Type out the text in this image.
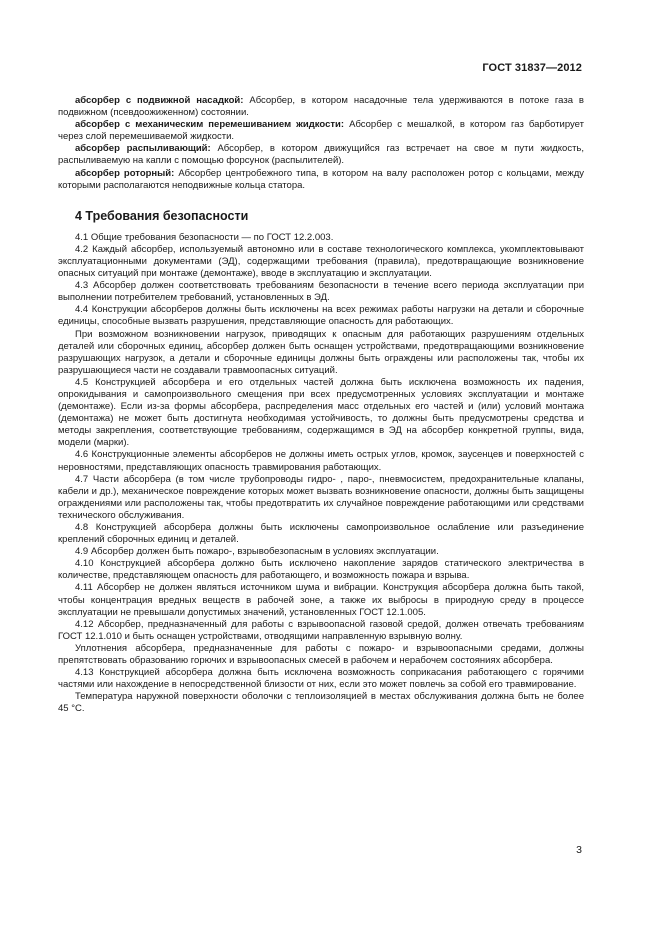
ГОСТ 31837—2012

абсорбер с подвижной насадкой: Абсорбер, в котором насадочные тела удерживаются в потоке газа в подвижном (псевдоожиженном) состоянии.

абсорбер с механическим перемешиванием жидкости: Абсорбер с мешалкой, в котором газ барботирует через слой перемешиваемой жидкости.

абсорбер распыливающий: Абсорбер, в котором движущийся газ встречает на свое м пути жидкость, распыливаемую на капли с помощью форсунок (распылителей).

абсорбер роторный: Абсорбер центробежного типа, в котором на валу расположен ротор с кольцами, между которыми располагаются неподвижные кольца статора.

4 Требования безопасности

4.1 Общие требования безопасности — по ГОСТ 12.2.003.

4.2 Каждый абсорбер, используемый автономно или в составе технологического комплекса, укомплектовывают эксплуатационными документами (ЭД), содержащими требования (правила), предотвращающие возникновение опасных ситуаций при монтаже (демонтаже), вводе в эксплуатацию и эксплуатации.

4.3 Абсорбер должен соответствовать требованиям безопасности в течение всего периода эксплуатации при выполнении потребителем требований, установленных в ЭД.

4.4 Конструкции абсорберов должны быть исключены на всех режимах работы нагрузки на детали и сборочные единицы, способные вызвать разрушения, представляющие опасность для работающих.

При возможном возникновении нагрузок, приводящих к опасным для работающих разрушениям отдельных деталей или сборочных единиц, абсорбер должен быть оснащен устройствами, предотвращающими возникновение разрушающих нагрузок, а детали и сборочные единицы должны быть ограждены или расположены так, чтобы их разрушающиеся части не создавали травмоопасных ситуаций.

4.5 Конструкцией абсорбера и его отдельных частей должна быть исключена возможность их падения, опрокидывания и самопроизвольного смещения при всех предусмотренных условиях эксплуатации и монтаже (демонтаже). Если из-за формы абсорбера, распределения масс отдельных его частей и (или) условий монтажа (демонтажа) не может быть достигнута необходимая устойчивость, то должны быть предусмотрены средства и методы закрепления, соответствующие требованиям, содержащимся в ЭД на абсорбер конкретной группы, вида, модели (марки).

4.6 Конструкционные элементы абсорберов не должны иметь острых углов, кромок, заусенцев и поверхностей с неровностями, представляющих опасность травмирования работающих.

4.7 Части абсорбера (в том числе трубопроводы гидро- , паро-, пневмосистем, предохранительные клапаны, кабели и др.), механическое повреждение которых может вызвать возникновение опасности, должны быть защищены ограждениями или расположены так, чтобы предотвратить их случайное повреждение работающими или средствами технического обслуживания.

4.8 Конструкцией абсорбера должны быть исключены самопроизвольное ослабление или разъединение креплений сборочных единиц и деталей.

4.9 Абсорбер должен быть пожаро-, взрывобезопасным в условиях эксплуатации.

4.10 Конструкцией абсорбера должно быть исключено накопление зарядов статического электричества в количестве, представляющем опасность для работающего, и возможность пожара и взрыва.

4.11 Абсорбер не должен являться источником шума и вибрации. Конструкция абсорбера должна быть такой, чтобы концентрация вредных веществ в рабочей зоне, а также их выбросы в природную среду в процессе эксплуатации не превышали допустимых значений, установленных ГОСТ 12.1.005.

4.12 Абсорбер, предназначенный для работы с взрывоопасной газовой средой, должен отвечать требованиям ГОСТ 12.1.010 и быть оснащен устройствами, отводящими направленную взрывную волну.

Уплотнения абсорбера, предназначенные для работы с пожаро- и взрывоопасными средами, должны препятствовать образованию горючих и взрывоопасных смесей в рабочем и нерабочем состояниях абсорбера.

4.13 Конструкцией абсорбера должна быть исключена возможность соприкасания работающего с горячими частями или нахождение в непосредственной близости от них, если это может повлечь за собой его травмирование.

Температура наружной поверхности оболочки с теплоизоляцией в местах обслуживания должна быть не более 45 °С.

3
